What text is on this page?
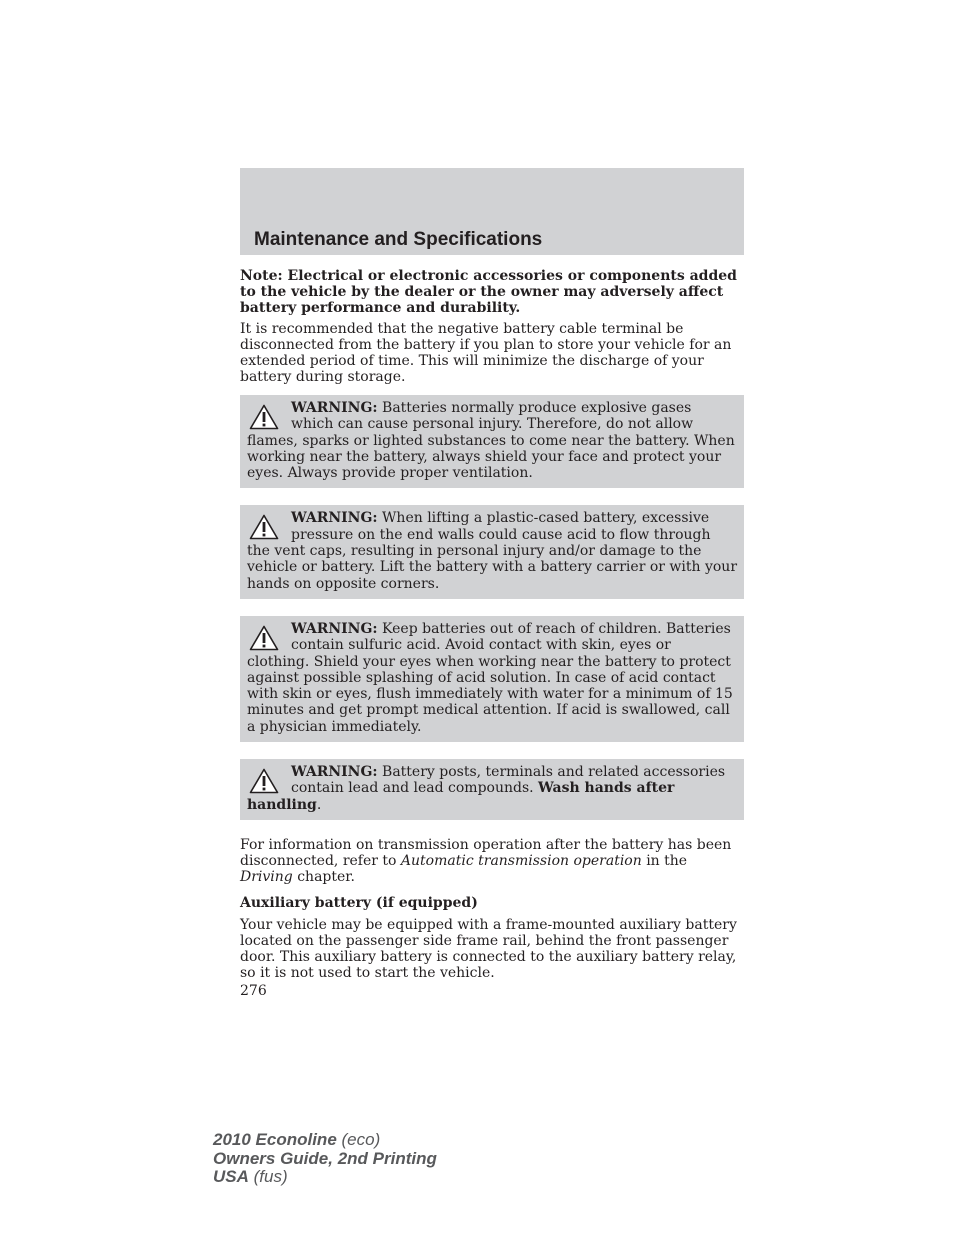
Maintenance and Specifications

Note: Electrical or electronic accessories or components added to the vehicle by the dealer or the owner may adversely affect battery performance and durability.

It is recommended that the negative battery cable terminal be disconnected from the battery if you plan to store your vehicle for an extended period of time. This will minimize the discharge of your battery during storage.

WARNING: Batteries normally produce explosive gases which can cause personal injury. Therefore, do not allow flames, sparks or lighted substances to come near the battery. When working near the battery, always shield your face and protect your eyes. Always provide proper ventilation.
WARNING: When lifting a plastic-cased battery, excessive pressure on the end walls could cause acid to flow through the vent caps, resulting in personal injury and/or damage to the vehicle or battery. Lift the battery with a battery carrier or with your hands on opposite corners.
WARNING: Keep batteries out of reach of children. Batteries contain sulfuric acid. Avoid contact with skin, eyes or clothing. Shield your eyes when working near the battery to protect against possible splashing of acid solution. In case of acid contact with skin or eyes, flush immediately with water for a minimum of 15 minutes and get prompt medical attention. If acid is swallowed, call a physician immediately.
WARNING: Battery posts, terminals and related accessories contain lead and lead compounds. Wash hands after handling.

For information on transmission operation after the battery has been disconnected, refer to Automatic transmission operation in the Driving chapter.

Auxiliary battery (if equipped)

Your vehicle may be equipped with a frame-mounted auxiliary battery located on the passenger side frame rail, behind the front passenger door. This auxiliary battery is connected to the auxiliary battery relay, so it is not used to start the vehicle.

276
2010 Econoline (eco)
Owners Guide, 2nd Printing
USA (fus)
